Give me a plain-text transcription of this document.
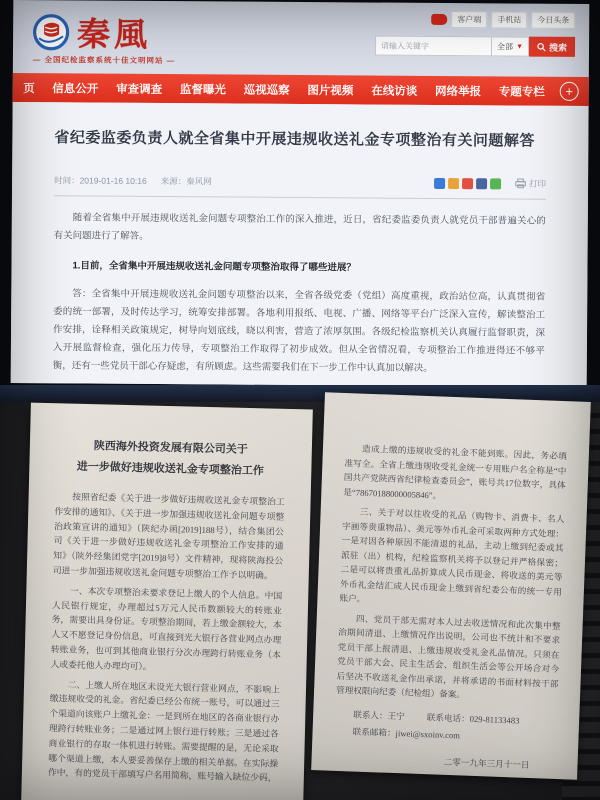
秦風
— 全国纪检监察系统十佳文明网站 —
客户端	手机站	今日头条
请输入关键字
全部 ▼	搜索
页	信息公开	审查调查	监督曝光	巡视巡察	图片视频	在线访谈	网络举报	专题专栏	+
省纪委监委负责人就全省集中开展违规收送礼金专项整治有关问题解答
时间：2019-01-16 10:16 来源：秦风网	打印

随着全省集中开展违规收送礼金问题专项整治工作的深入推进，近日，省纪委监委负责人就党员干部普遍关心的有关问题进行了解答。

1.目前，全省集中开展违规收送礼金问题专项整治取得了哪些进展？

答：全省集中开展违规收送礼金问题专项整治以来，全省各级党委（党组）高度重视，政治站位高，认真贯彻省委的统一部署，及时传达学习，统筹安排部署。各地利用报纸、电视、广播、网络等平台广泛深入宣传，解读整治工作安排，诠释相关政策规定，树导向划底线，晓以利害，营造了浓厚氛围。各级纪检监察机关认真履行监督职责，深入开展监督检查，强化压力传导，专项整治工作取得了初步成效。但从全省情况看，专项整治工作推进得还不够平衡，还有一些党员干部心存疑虑，有所顾虑。这些需要我们在下一步工作中认真加以解决。

陕西海外投资发展有限公司关于
进一步做好违规收送礼金专项整治工作

按照省纪委《关于进一步做好违规收送礼金专项整治工作安排的通知》、《关于进一步加强违规收送礼金问题专项整治政策宣讲的通知》（陕纪办函[2019]188号），结合集团公司《关于进一步做好违规收送礼金专项整治工作安排的通知》（陕外经集团党字[2019]8号）文件精神，现将陕海投公司进一步加强违规收送礼金问题专项整治工作予以明确。

一、本次专项整治未要求登记上缴人的个人信息。中国人民银行规定，办理超过5万元人民币数额较大的转账业务，需要出具身份证。专项整治期间，若上缴金额较大，本人又不愿登记身份信息，可直接到光大银行各营业网点办理转账业务，也可到其他商业银行分次办理跨行转账业务（本人或委托他人办理均可）。

二、上缴人所在地区未设光大银行营业网点，不影响上缴违规收受的礼金。省纪委已经公布统一账号，可以通过三个渠道向该账户上缴礼金：一是到所在地区的各商业银行办理跨行转账业务；二是通过网上银行进行转账；三是通过各商业银行的存取一体机进行转账。需要提醒的是，无论采取哪个渠道上缴，本人要妥善保存上缴的相关单据。在实际操作中，有的党员干部填写户名用简称，账号输入缺位少码，

造成上缴的违规收受的礼金不能到账。因此，务必填准写全。全省上缴违规收受礼金统一专用账户名全称是“中国共产党陕西省纪律检查委员会”，账号共17位数字，具体是“78670188000005846”。

三、关于对以往收受的礼品（购物卡、消费卡、名人字画等贵重物品）、美元等外币礼金可采取两种方式处理：一是对因各种原因不能清退的礼品，主动上缴到纪委或其派驻（出）机构，纪检监察机关将予以登记并严格保密；二是可以将贵重礼品折算成人民币现金、将收送的美元等外币礼金结汇成人民币现金上缴到省纪委公布的统一专用账户。

四、党员干部无需对本人过去收送情况和此次集中整治期间清退、上缴情况作出说明，公司也不统计和不要求党员干部上报清退、上缴违规收受礼金礼品情况。只须在党员干部大会、民主生活会、组织生活会等公开场合对今后坚决不收送礼金作出承诺，并将承诺的书面材料按干部管理权限向纪委（纪检组）备案。

联系人：王宁	联系电话：029-81133483
联系邮箱：jiwei@sxoinv.com
二零一九年三月十一日
